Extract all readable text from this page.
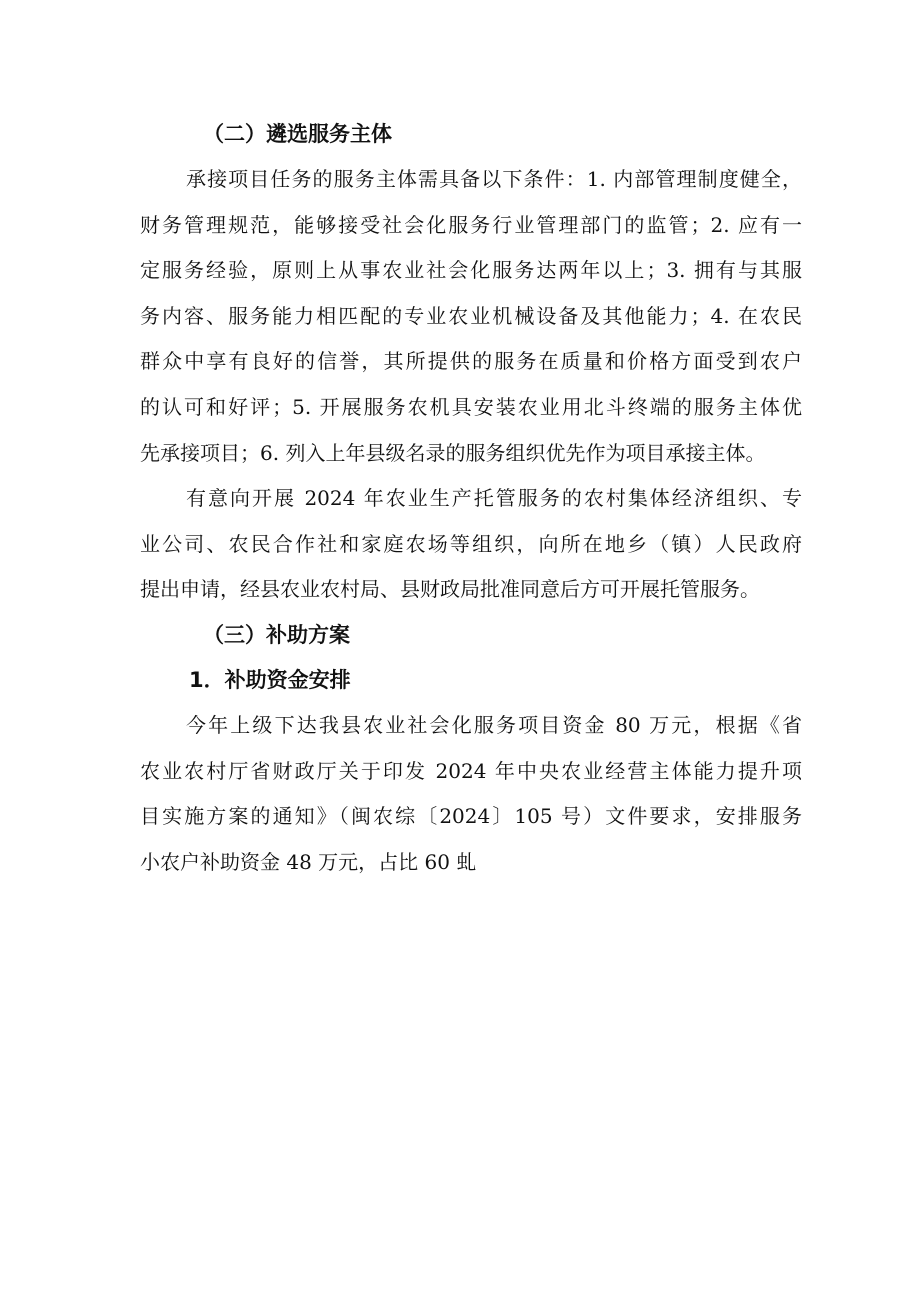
（二）遴选服务主体

承接项目任务的服务主体需具备以下条件：1. 内部管理制度健全，
财务管理规范，能够接受社会化服务行业管理部门的监管；2. 应有一
定服务经验，原则上从事农业社会化服务达两年以上；3. 拥有与其服
务内容、服务能力相匹配的专业农业机械设备及其他能力；4. 在农民
群众中享有良好的信誉，其所提供的服务在质量和价格方面受到农户
的认可和好评；5. 开展服务农机具安装农业用北斗终端的服务主体优
先承接项目；6. 列入上年县级名录的服务组织优先作为项目承接主体。

有意向开展 2024 年农业生产托管服务的农村集体经济组织、专
业公司、农民合作社和家庭农场等组织，向所在地乡（镇）人民政府
提出申请，经县农业农村局、县财政局批准同意后方可开展托管服务。

（三）补助方案
1．补助资金安排

今年上级下达我县农业社会化服务项目资金 80 万元，根据《省
农业农村厅省财政厅关于印发 2024 年中央农业经营主体能力提升项
目实施方案的通知》（闽农综〔2024〕105 号）文件要求，安排服务
小农户补助资金 48 万元，占比 60 虬
